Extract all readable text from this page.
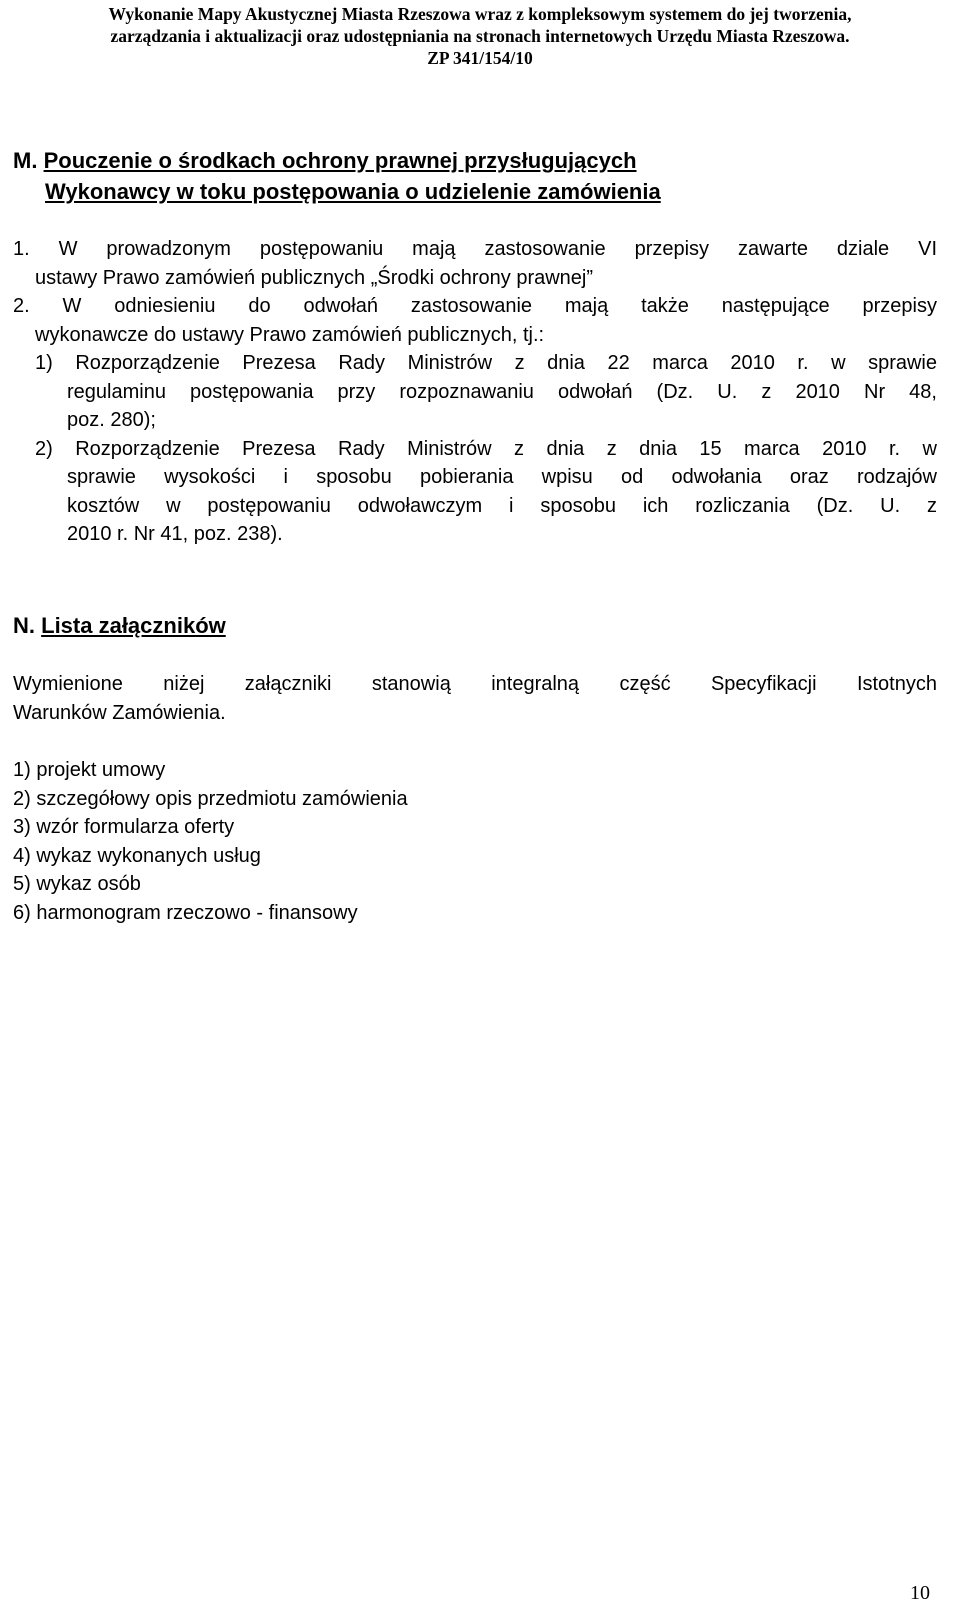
Wykonanie Mapy Akustycznej Miasta Rzeszowa wraz z kompleksowym systemem do jej tworzenia,
zarządzania i aktualizacji oraz udostępniania na stronach internetowych Urzędu Miasta Rzeszowa.
ZP 341/154/10
M. Pouczenie o środkach ochrony prawnej przysługujących
Wykonawcy w toku postępowania o udzielenie zamówienia
1. W prowadzonym postępowaniu mają zastosowanie przepisy zawarte dziale VI
ustawy Prawo zamówień publicznych „Środki ochrony prawnej”
2. W odniesieniu do odwołań zastosowanie mają także następujące przepisy
wykonawcze do ustawy Prawo zamówień publicznych, tj.:
1) Rozporządzenie Prezesa Rady Ministrów z dnia 22 marca 2010 r. w sprawie
regulaminu postępowania przy rozpoznawaniu odwołań (Dz. U. z 2010 Nr 48,
poz. 280);
2) Rozporządzenie Prezesa Rady Ministrów z dnia z dnia 15 marca 2010 r. w
sprawie wysokości i sposobu pobierania wpisu od odwołania oraz rodzajów
kosztów w postępowaniu odwoławczym i sposobu ich rozliczania (Dz. U. z
2010 r. Nr 41, poz. 238).
N. Lista załączników
Wymienione niżej załączniki stanowią integralną część Specyfikacji Istotnych
Warunków Zamówienia.
1) projekt umowy
2) szczegółowy opis przedmiotu zamówienia
3) wzór formularza oferty
4) wykaz wykonanych usług
5) wykaz osób
6) harmonogram rzeczowo - finansowy
10
